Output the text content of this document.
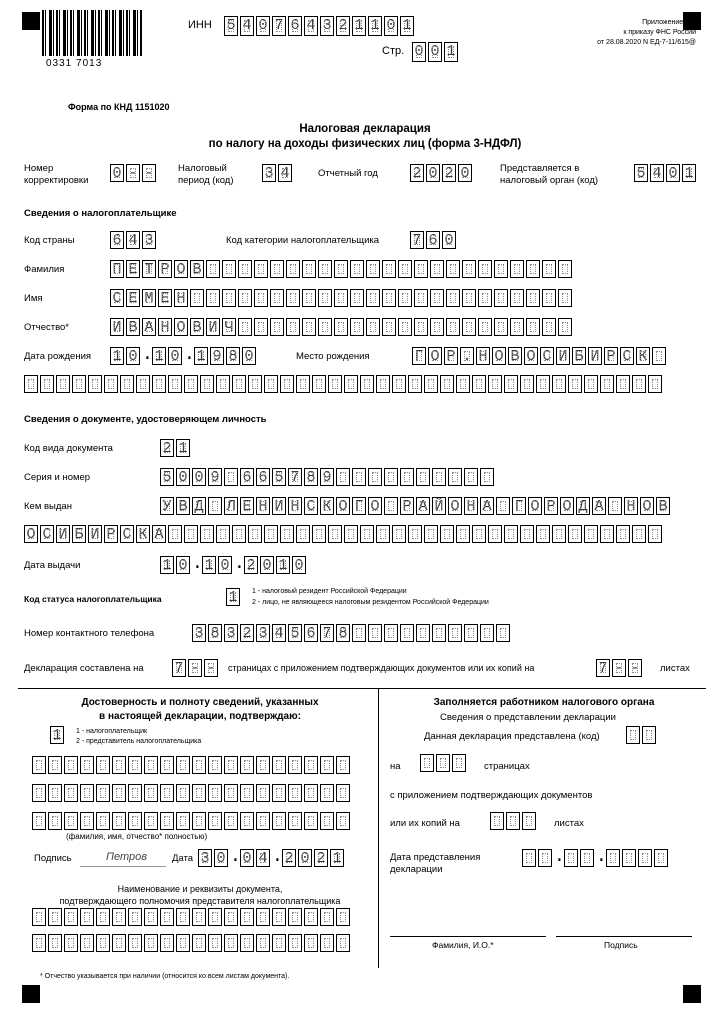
0331 7013
ИНН 5 4 0 7 6 4 3 2 1 1 0 1
Стр. 0 0 1
Приложение N 1
к приказу ФНС России
от 28.08.2020 N ЕД-7-11/615@
Форма по КНД 1151020
Налоговая декларация
по налогу на доходы физических лиц (форма 3-НДФЛ)
Номер
корректировки 0 - -	Налоговый
период (код) 3 4	Отчетный год 2 0 2 0	Представляется в
налоговый орган (код)	5 4 0 1
Сведения о налогоплательщике
Код страны	6 4 3	Код категории налогоплательщика 7 6 0
Фамилия	П Е Т Р О В
Имя	С Е М Е Н
Отчество*	И В А Н О В И Ч
Дата рождения 1 0 . 1 0 . 1 9 8 0	Место рождения	Г О Р . Н О В О С И Б И Р С К
Сведения о документе, удостоверяющем личность
Код вида документа	2 1
Серия и номер	5 0 0 9 6 6 5 7 8 9
Кем выдан	У В Д Л Е Н И Н С К О Г О Р А Й О Н А Г О Р О Д А Н О В
О С И Б И Р С К А
Дата выдачи	1 0 . 1 0 . 2 0 1 0
Код статуса налогоплательщика	1	1 - налоговый резидент Российской Федерации
2 - лицо, не являющееся налоговым резидентом Российской Федерации
Номер контактного телефона	3 8 3 2 3 4 5 6 7 8
Декларация составлена на 7 - - страницах с приложением подтверждающих документов или их копий на	7 - - листах
Достоверность и полноту сведений, указанных
в настоящей декларации, подтверждаю:
1	1 - налогоплательщик
2 - представитель налогоплательщика
(фамилия, имя, отчество* полностью)
Подпись	Петров	Дата 3 0 . 0 4 . 2 0 2 1
Наименование и реквизиты документа,
подтверждающего полномочия представителя налогоплательщика
* Отчество указывается при наличии (относится ко всем листам документа).
Заполняется работником налогового органа
Сведения о представлении декларации
Данная декларация представлена (код)
на	страницах
с приложением подтверждающих документов
или их копий на	листах
Дата представления
декларации
. .
Фамилия, И.О.*	Подпись
